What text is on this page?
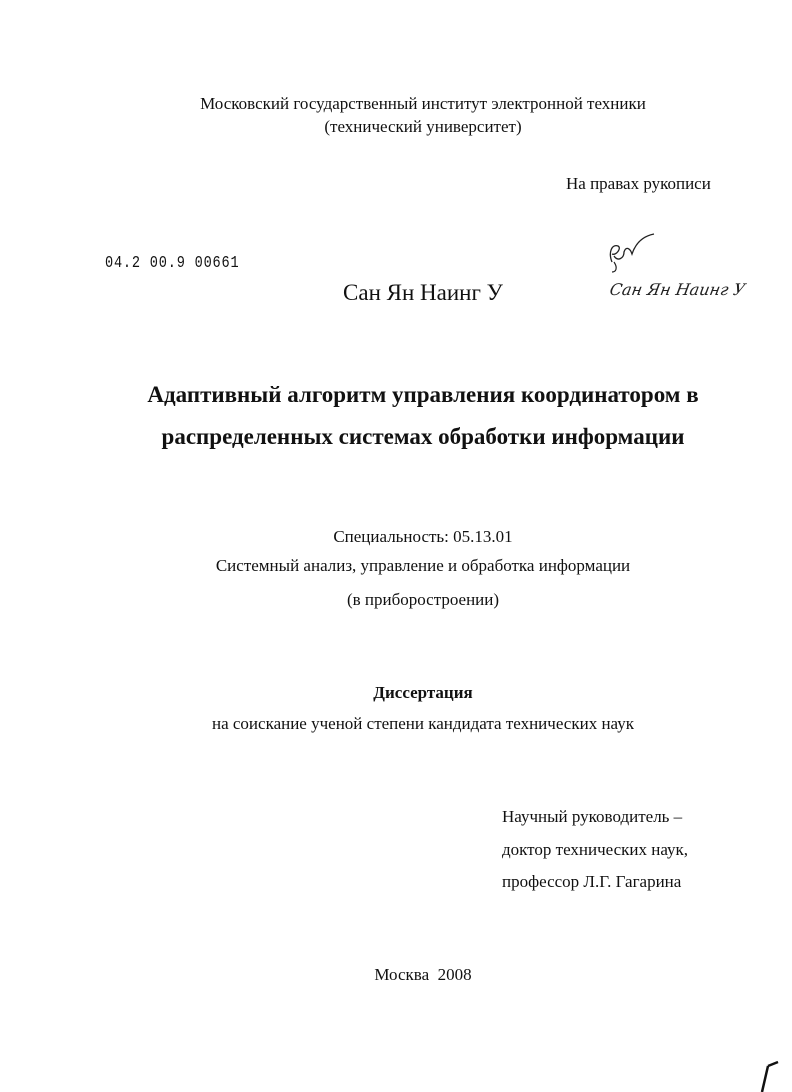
Московский государственный институт электронной техники
(технический университет)
На правах рукописи
04.2 00.9 00661
Сан Ян Наинг У	Сан Ян Наинг У
Адаптивный алгоритм управления координатором в
распределенных системах обработки информации
Специальность: 05.13.01
Системный анализ, управление и обработка информации
(в приборостроении)
Диссертация
на соискание ученой степени кандидата технических наук
Научный руководитель –
доктор технических наук,
профессор Л.Г. Гагарина
Москва  2008
